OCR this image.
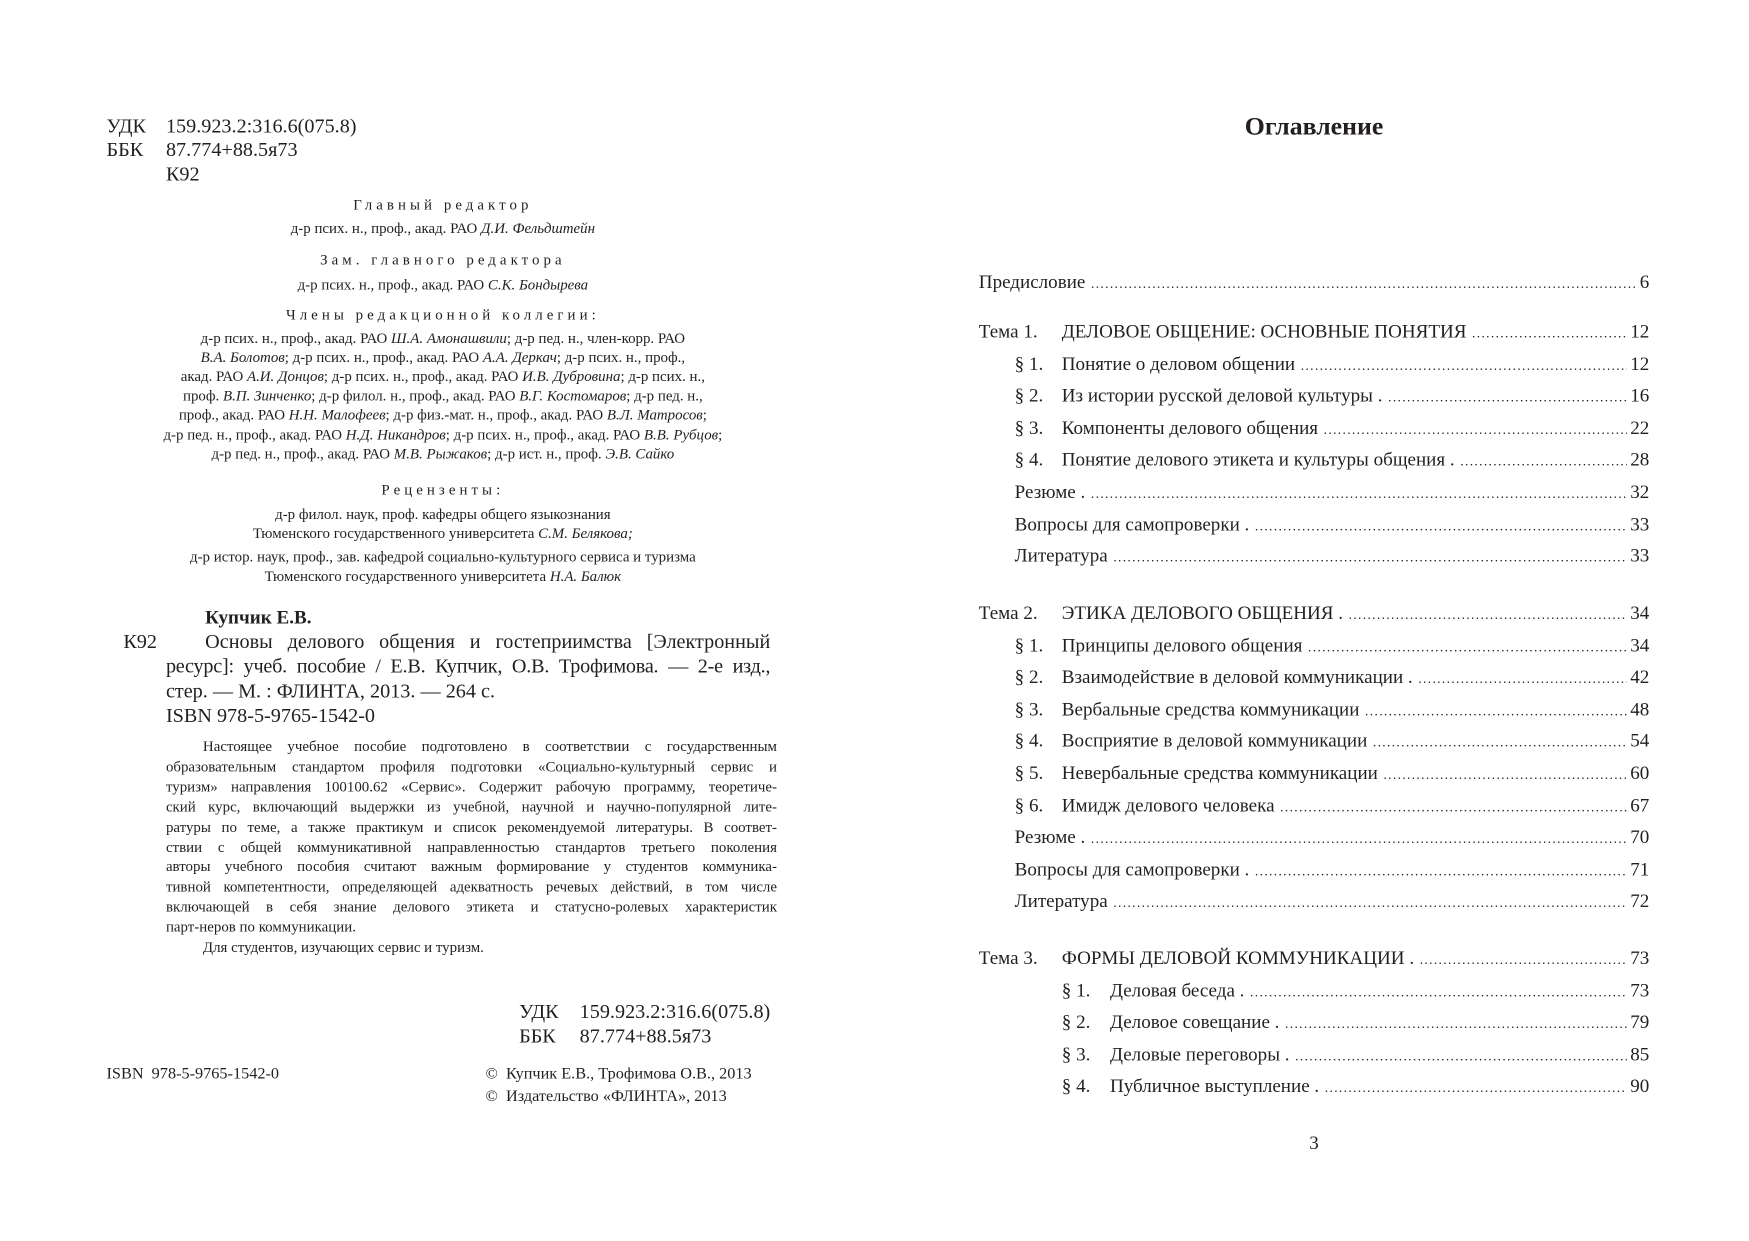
УДК 159.923.2:316.6(075.8)
ББК 87.774+88.5я73
К92
Главный редактор
д-р псих. н., проф., акад. РАО Д.И. Фельдштейн
Зам. главного редактора
д-р псих. н., проф., акад. РАО С.К. Бондырева
Члены редакционной коллегии:
д-р псих. н., проф., акад. РАО Ш.А. Амонашвили; д-р пед. н., член-корр. РАО
В.А. Болотов; д-р псих. н., проф., акад. РАО А.А. Деркач; д-р псих. н., проф.,
акад. РАО А.И. Донцов; д-р псих. н., проф., акад. РАО И.В. Дубровина; д-р псих. н.,
проф. В.П. Зинченко; д-р филол. н., проф., акад. РАО В.Г. Костомаров; д-р пед. н.,
проф., акад. РАО Н.Н. Малофеев; д-р физ.-мат. н., проф., акад. РАО В.Л. Матросов;
д-р пед. н., проф., акад. РАО Н.Д. Никандров; д-р псих. н., проф., акад. РАО В.В. Рубцов;
д-р пед. н., проф., акад. РАО М.В. Рыжаков; д-р ист. н., проф. Э.В. Сайко
Рецензенты:
д-р филол. наук, проф. кафедры общего языкознания
Тюменского государственного университета С.М. Белякова;
д-р истор. наук, проф., зав. кафедрой социально-культурного сервиса и туризма
Тюменского государственного университета Н.А. Балюк
Купчик Е.В.
К92	Основы делового общения и гостеприимства [Электронный
ресурс]: учеб. пособие / Е.В. Купчик, О.В. Трофимова. — 2-е изд.,
стер. — М. : ФЛИНТА, 2013. — 264 с.
ISBN 978-5-9765-1542-0
Настоящее учебное пособие подготовлено в соответствии с государственным
образовательным стандартом профиля подготовки «Социально-культурный сервис и
туризм» направления 100100.62 «Сервис». Содержит рабочую программу, теоретиче-
ский курс, включающий выдержки из учебной, научной и научно-популярной лите-
ратуры по теме, а также практикум и список рекомендуемой литературы. В соответ-
ствии с общей коммуникативной направленностью стандартов третьего поколения
авторы учебного пособия считают важным формирование у студентов коммуника-
тивной компетентности, определяющей адекватность речевых действий, в том числе
включающей в себя знание делового этикета и статусно-ролевых характеристик
парт-неров по коммуникации.
Для студентов, изучающих сервис и туризм.
УДК 159.923.2:316.6(075.8)
ББК 87.774+88.5я73
ISBN  978-5-9765-1542-0	©  Купчик Е.В., Трофимова О.В., 2013
©  Издательство «ФЛИНТА», 2013
Оглавление
Предисловие .....	6
Тема 1.	ДЕЛОВОЕ ОБЩЕНИЕ: ОСНОВНЫЕ ПОНЯТИЯ .....	12
§ 1.	Понятие о деловом общении .....	12
§ 2.	Из истории русской деловой культуры . .....	16
§ 3.	Компоненты делового общения .....	22
§ 4.	Понятие делового этикета и культуры общения . .....	28
Резюме . .....	32
Вопросы для самопроверки . .....	33
Литература .....	33
Тема 2.	ЭТИКА ДЕЛОВОГО ОБЩЕНИЯ . .....	34
§ 1.	Принципы делового общения .....	34
§ 2.	Взаимодействие в деловой коммуникации . .....	42
§ 3.	Вербальные средства коммуникации .....	48
§ 4.	Восприятие в деловой коммуникации .....	54
§ 5.	Невербальные средства коммуникации .....	60
§ 6.	Имидж делового человека .....	67
Резюме . .....	70
Вопросы для самопроверки . .....	71
Литература .....	72
Тема 3.	ФОРМЫ ДЕЛОВОЙ КОММУНИКАЦИИ . .....	73
§ 1.	Деловая беседа . .....	73
§ 2.	Деловое совещание . .....	79
§ 3.	Деловые переговоры . .....	85
§ 4.	Публичное выступление . .....	90
3
